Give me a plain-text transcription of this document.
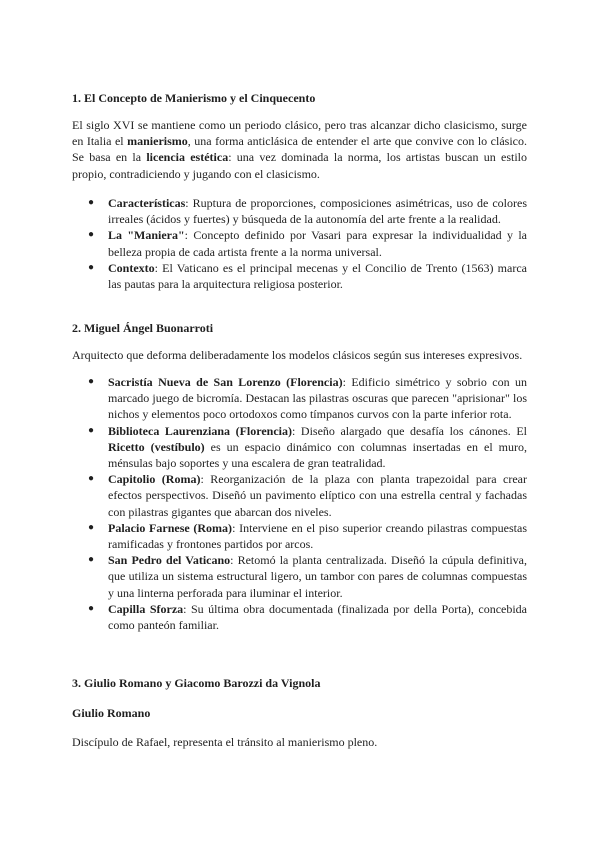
1. El Concepto de Manierismo y el Cinquecento

El siglo XVI se mantiene como un periodo clásico, pero tras alcanzar dicho clasicismo, surge en Italia el manierismo, una forma anticlásica de entender el arte que convive con lo clásico. Se basa en la licencia estética: una vez dominada la norma, los artistas buscan un estilo propio, contradiciendo y jugando con el clasicismo.

● Características: Ruptura de proporciones, composiciones asimétricas, uso de colores irreales (ácidos y fuertes) y búsqueda de la autonomía del arte frente a la realidad.
● La "Maniera": Concepto definido por Vasari para expresar la individualidad y la belleza propia de cada artista frente a la norma universal.
● Contexto: El Vaticano es el principal mecenas y el Concilio de Trento (1563) marca las pautas para la arquitectura religiosa posterior.
2. Miguel Ángel Buonarroti

Arquitecto que deforma deliberadamente los modelos clásicos según sus intereses expresivos.

● Sacristía Nueva de San Lorenzo (Florencia): Edificio simétrico y sobrio con un marcado juego de bicromía. Destacan las pilastras oscuras que parecen "aprisionar" los nichos y elementos poco ortodoxos como tímpanos curvos con la parte inferior rota.
● Biblioteca Laurenziana (Florencia): Diseño alargado que desafía los cánones. El Ricetto (vestíbulo) es un espacio dinámico con columnas insertadas en el muro, ménsulas bajo soportes y una escalera de gran teatralidad.
● Capitolio (Roma): Reorganización de la plaza con planta trapezoidal para crear efectos perspectivos. Diseñó un pavimento elíptico con una estrella central y fachadas con pilastras gigantes que abarcan dos niveles.
● Palacio Farnese (Roma): Interviene en el piso superior creando pilastras compuestas ramificadas y frontones partidos por arcos.
● San Pedro del Vaticano: Retomó la planta centralizada. Diseñó la cúpula definitiva, que utiliza un sistema estructural ligero, un tambor con pares de columnas compuestas y una linterna perforada para iluminar el interior.
● Capilla Sforza: Su última obra documentada (finalizada por della Porta), concebida como panteón familiar.
3. Giulio Romano y Giacomo Barozzi da Vignola
Giulio Romano

Discípulo de Rafael, representa el tránsito al manierismo pleno.
